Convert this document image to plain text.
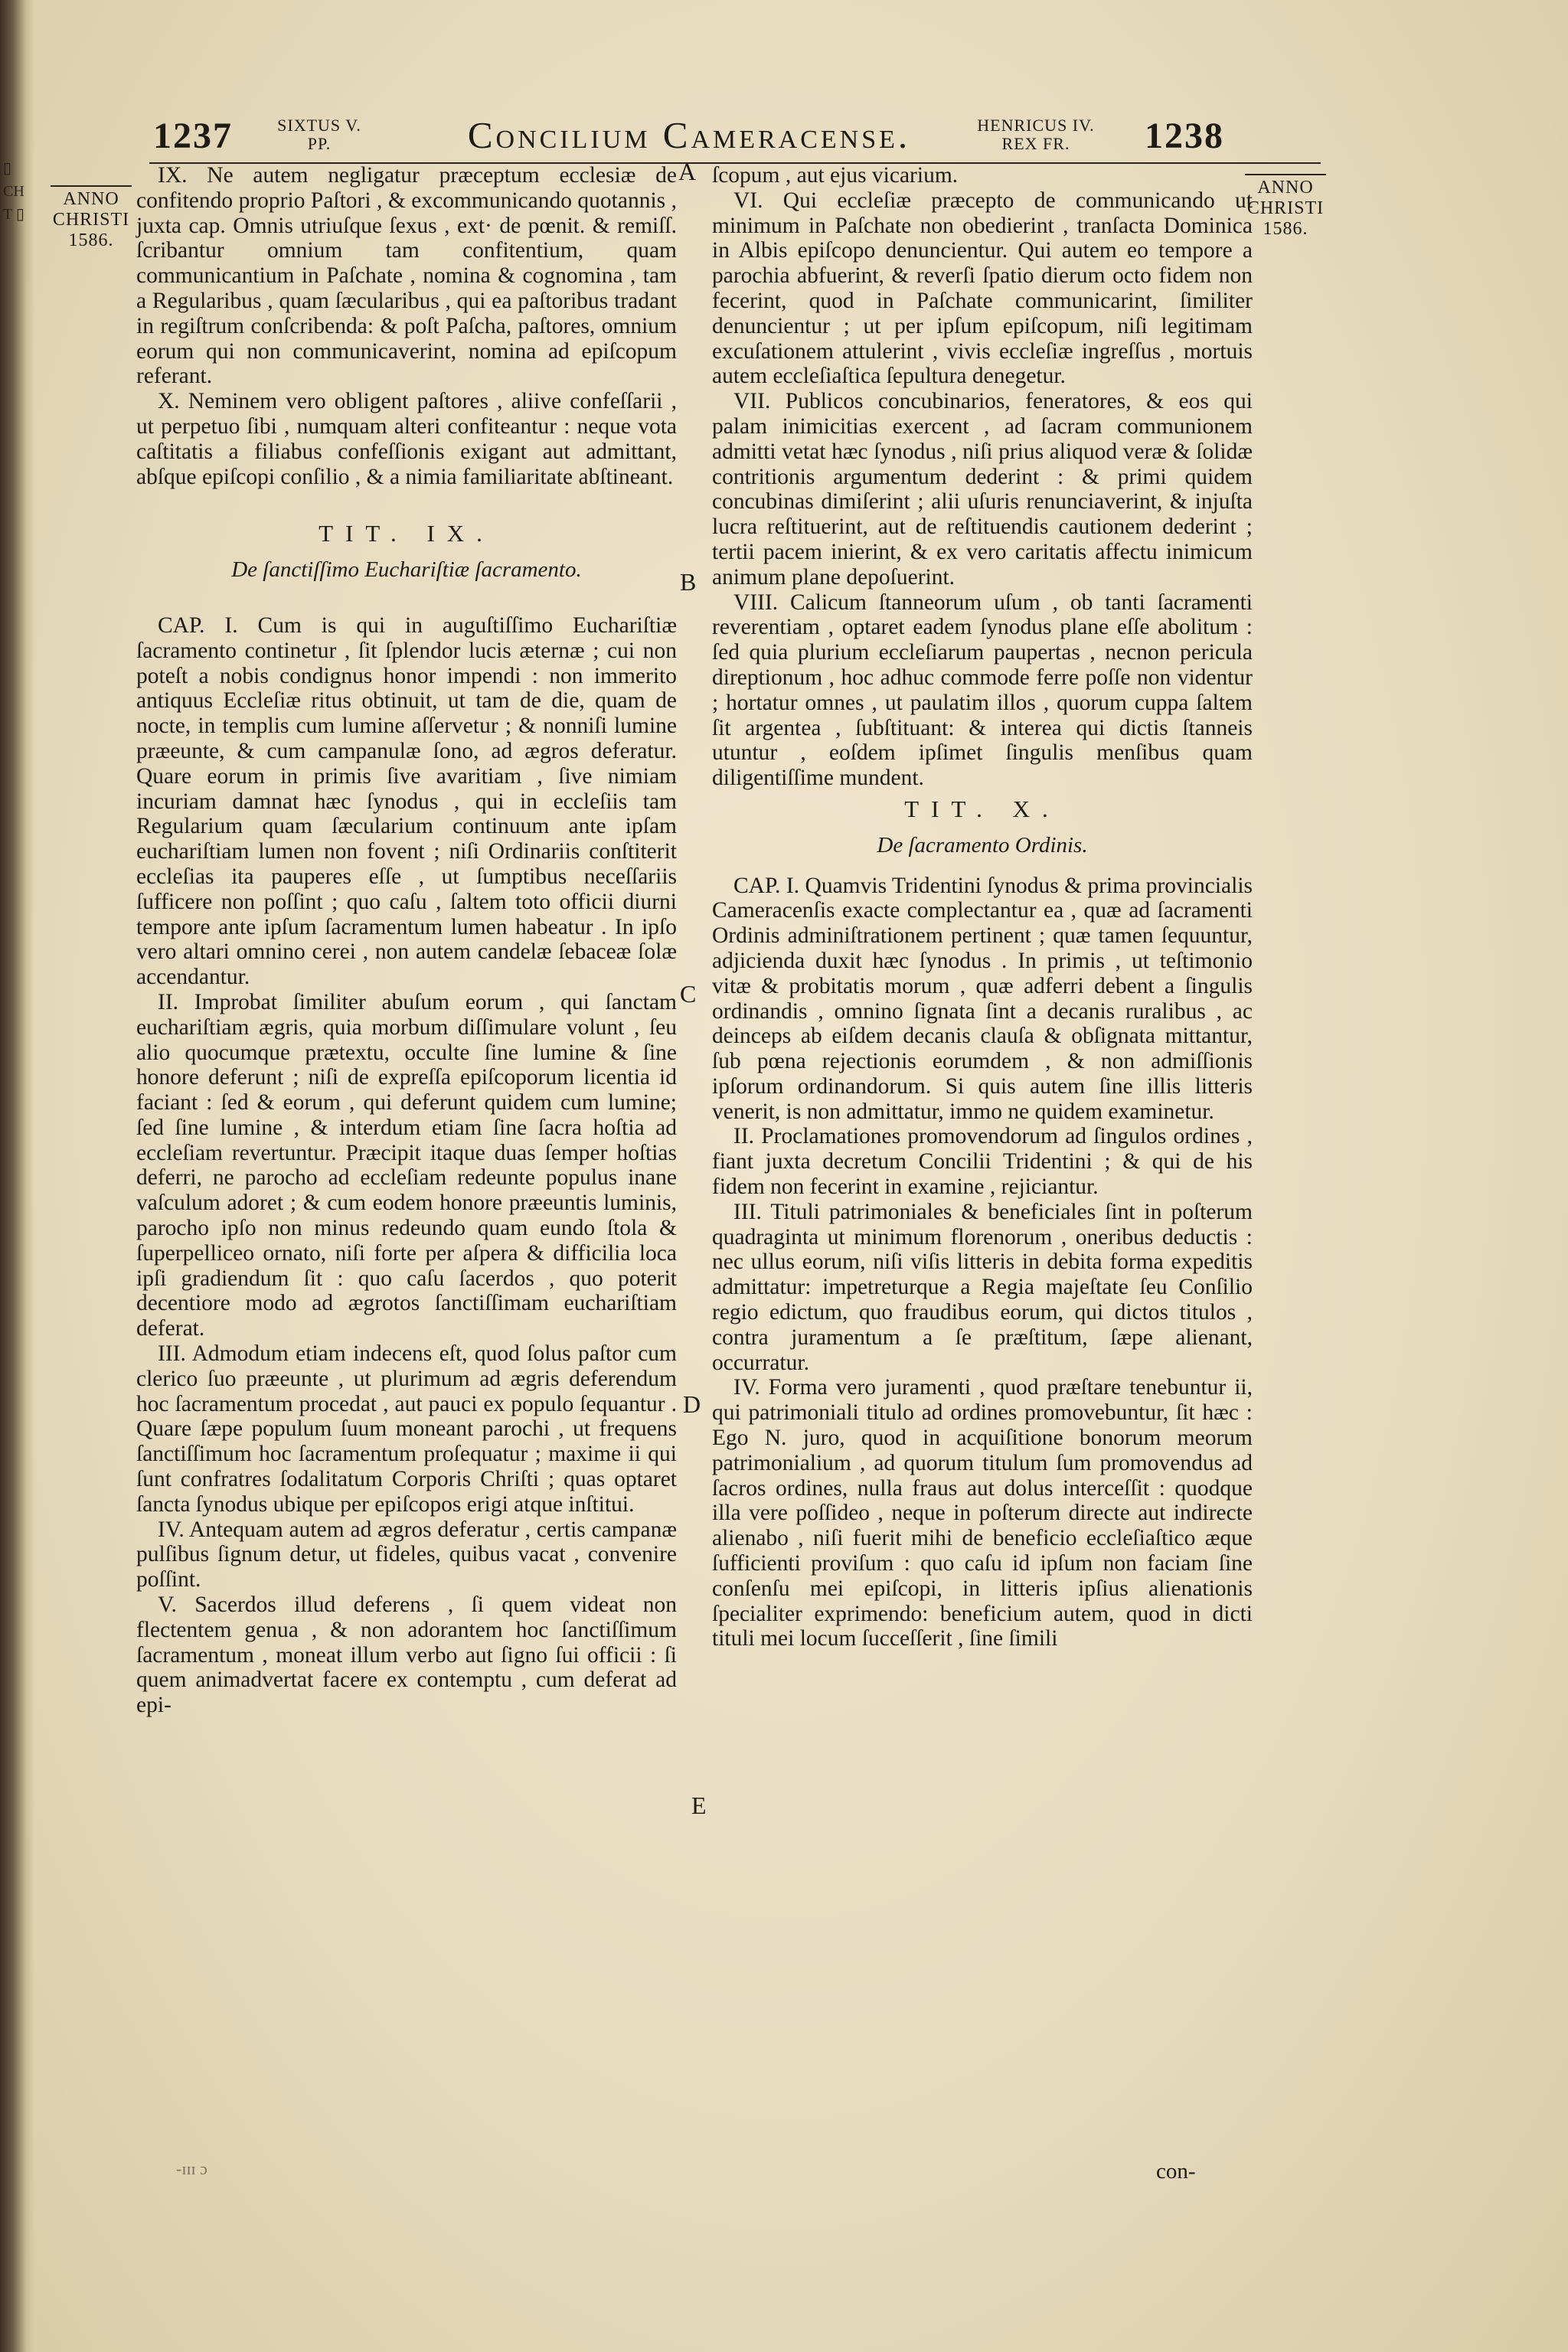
▯ CH T ▯
1237	SIXTUS V.
PP.	Concilium Cameracense.	HENRICUS IV.
REX FR.	1238
ANNO
CHRISTI
1586.
ANNO
CHRISTI
1586.

IX. Ne autem negligatur prӕceptum ecclesiӕ de confitendo proprio Paſtori , & excommunicando quotannis , juxta cap. Omnis utriuſque ſexus , ext· de pœnit. & remiſſ. ſcribantur omnium tam confitentium, quam communicantium in Paſchate , nomina & cognomina , tam a Regularibus , quam ſæcularibus , qui ea paſtoribus tradant in regiſtrum conſcribenda: & poſt Paſcha, paſtores, omnium eorum qui non communicaverint, nomina ad epiſcopum referant.

X. Neminem vero obligent paſtores , aliive confeſſarii , ut perpetuo ſibi , numquam alteri confiteantur : neque vota caſtitatis a filiabus confeſſionis exigant aut admittant, abſque epiſcopi conſilio , & a nimia familiaritate abſtineant.

TIT. IX.
De ſanctiſſimo Euchariſtiæ ſacramento.

CAP. I. Cum is qui in auguſtiſſimo Euchariſtiæ ſacramento continetur , ſit ſplendor lucis æternæ ; cui non poteſt a nobis condignus honor impendi : non immerito antiquus Eccleſiæ ritus obtinuit, ut tam de die, quam de nocte, in templis cum lumine aſſervetur ; & nonniſi lumine præeunte, & cum campanulæ ſono, ad ægros deferatur. Quare eorum in primis ſive avaritiam , ſive nimiam incuriam damnat hæc ſynodus , qui in eccleſiis tam Regularium quam ſæcularium continuum ante ipſam euchariſtiam lumen non fovent ; niſi Ordinariis conſtiterit eccleſias ita pauperes eſſe , ut ſumptibus neceſſariis ſufficere non poſſint ; quo caſu , ſaltem toto officii diurni tempore ante ipſum ſacramentum lumen habeatur . In ipſo vero altari omnino cerei , non autem candelæ ſebaceæ ſolæ accendantur.

II. Improbat ſimiliter abuſum eorum , qui ſanctam euchariſtiam ægris, quia morbum diſſimulare volunt , ſeu alio quocumque prætextu, occulte ſine lumine & ſine honore deferunt ; niſi de expreſſa epiſcoporum licentia id faciant : ſed & eorum , qui deferunt quidem cum lumine; ſed ſine lumine , & interdum etiam ſine ſacra hoſtia ad eccleſiam revertuntur. Præcipit itaque duas ſemper hoſtias deferri, ne parocho ad eccleſiam redeunte populus inane vaſculum adoret ; & cum eodem honore præeuntis luminis, parocho ipſo non minus redeundo quam eundo ſtola & ſuperpelliceo ornato, niſi forte per aſpera & difficilia loca ipſi gradiendum ſit : quo caſu ſacerdos , quo poterit decentiore modo ad ægrotos ſanctiſſimam euchariſtiam deferat.

III. Admodum etiam indecens eſt, quod ſolus paſtor cum clerico ſuo præeunte , ut plurimum ad ægris deferendum hoc ſacramentum procedat , aut pauci ex populo ſequantur . Quare ſæpe populum ſuum moneant parochi , ut frequens ſanctiſſimum hoc ſacramentum proſequatur ; maxime ii qui ſunt confratres ſodalitatum Corporis Chriſti ; quas optaret ſancta ſynodus ubique per epiſcopos erigi atque inſtitui.

IV. Antequam autem ad ægros deferatur , certis campanæ pulſibus ſignum detur, ut fideles, quibus vacat , convenire poſſint.

V. Sacerdos illud deferens , ſi quem videat non flectentem genua , & non adorantem hoc ſanctiſſimum ſacramentum , moneat illum verbo aut ſigno ſui officii : ſi quem animadvertat facere ex contemptu , cum deferat ad epi-

ſcopum , aut ejus vicarium.

VI. Qui eccleſiæ præcepto de communicando ut minimum in Paſchate non obedierint , tranſacta Dominica in Albis epiſcopo denuncientur. Qui autem eo tempore a parochia abfuerint, & reverſi ſpatio dierum octo fidem non fecerint, quod in Paſchate communicarint, ſimiliter denuncientur ; ut per ipſum epiſcopum, niſi legitimam excuſationem attulerint , vivis eccleſiæ ingreſſus , mortuis autem eccleſiaſtica ſepultura denegetur.

VII. Publicos concubinarios, feneratores, & eos qui palam inimicitias exercent , ad ſacram communionem admitti vetat hæc ſynodus , niſi prius aliquod veræ & ſolidæ contritionis argumentum dederint : & primi quidem concubinas dimiſerint ; alii uſuris renunciaverint, & injuſta lucra reſtituerint, aut de reſtituendis cautionem dederint ; tertii pacem inierint, & ex vero caritatis affectu inimicum animum plane depoſuerint.

VIII. Calicum ſtanneorum uſum , ob tanti ſacramenti reverentiam , optaret eadem ſynodus plane eſſe abolitum : ſed quia plurium eccleſiarum paupertas , necnon pericula direptionum , hoc adhuc commode ferre poſſe non videntur ; hortatur omnes , ut paulatim illos , quorum cuppa ſaltem ſit argentea , ſubſtituant: & interea qui dictis ſtanneis utuntur , eoſdem ipſimet ſingulis menſibus quam diligentiſſime mundent.

TIT. X.
De ſacramento Ordinis.

CAP. I. Quamvis Tridentini ſynodus & prima provincialis Cameracenſis exacte complectantur ea , quæ ad ſacramenti Ordinis adminiſtrationem pertinent ; quæ tamen ſequuntur, adjicienda duxit hæc ſynodus . In primis , ut teſtimonio vitæ & probitatis morum , quæ adferri debent a ſingulis ordinandis , omnino ſignata ſint a decanis ruralibus , ac deinceps ab eiſdem decanis clauſa & obſignata mittantur, ſub pœna rejectionis eorumdem , & non admiſſionis ipſorum ordinandorum. Si quis autem ſine illis litteris venerit, is non admittatur, immo ne quidem examinetur.

II. Proclamationes promovendorum ad ſingulos ordines , fiant juxta decretum Concilii Tridentini ; & qui de his fidem non fecerint in examine , rejiciantur.

III. Tituli patrimoniales & beneficiales ſint in poſterum quadraginta ut minimum florenorum , oneribus deductis : nec ullus eorum, niſi viſis litteris in debita forma expeditis admittatur: impetreturque a Regia majeſtate ſeu Conſilio regio edictum, quo fraudibus eorum, qui dictos titulos , contra juramentum a ſe præſtitum, ſæpe alienant, occurratur.

IV. Forma vero juramenti , quod præſtare tenebuntur ii, qui patrimoniali titulo ad ordines promovebuntur, ſit hæc : Ego N. juro, quod in acquiſitione bonorum meorum patrimonialium , ad quorum titulum ſum promovendus ad ſacros ordines, nulla fraus aut dolus interceſſit : quodque illa vere poſſideo , neque in poſterum directe aut indirecte alienabo , niſi fuerit mihi de beneficio eccleſiaſtico æque ſufficienti proviſum : quo caſu id ipſum non faciam ſine conſenſu mei epiſcopi, in litteris ipſius alienationis ſpecialiter exprimendo: beneficium autem, quod in dicti tituli mei locum ſucceſſerit , ſine ſimili

A
B
C
D
E
con-
-ɪɪɪ ɔ
